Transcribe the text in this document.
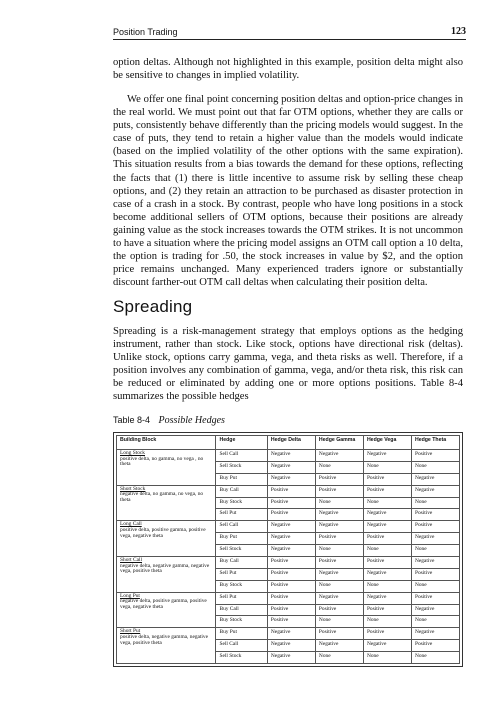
Position Trading	123

option deltas. Although not highlighted in this example, position delta might also be sensitive to changes in implied volatility.

We offer one final point concerning position deltas and option-price changes in the real world. We must point out that far OTM options, whether they are calls or puts, consistently behave differently than the pricing models would suggest. In the case of puts, they tend to retain a higher value than the models would indicate (based on the implied volatility of the other options with the same expiration). This situation results from a bias towards the demand for these options, reflecting the facts that (1) there is little incentive to assume risk by selling these cheap options, and (2) they retain an attraction to be purchased as disaster protection in case of a crash in a stock. By contrast, people who have long positions in a stock become additional sellers of OTM options, because their positions are already gaining value as the stock increases towards the OTM strikes. It is not uncommon to have a situation where the pricing model assigns an OTM call option a 10 delta, the option is trading for .50, the stock increases in value by $2, and the option price remains unchanged. Many experienced traders ignore or substantially discount farther-out OTM call deltas when calculating their position delta.

Spreading

Spreading is a risk-management strategy that employs options as the hedging instrument, rather than stock. Like stock, options have directional risk (deltas). Unlike stock, options carry gamma, vega, and theta risks as well. Therefore, if a position involves any combination of gamma, vega, and/or theta risk, this risk can be reduced or eliminated by adding one or more options positions. Table 8-4 summarizes the possible hedges

Table 8-4 Possible Hedges

Building Block	Hedge	Hedge Delta	Hedge Gamma	Hedge Vega	Hedge Theta

Long Stock
positive delta, no gamma, no vega , no theta	Sell Call	Negative	Negative	Negative	Positive
	Sell Stock	Negative	None	None	None
	Buy Put	Negative	Positive	Positive	Negative

Short Stock
negative delta, no gamma, no vega, no theta	Buy Call	Positive	Positive	Positive	Negative
	Buy Stock	Positive	None	None	None
	Sell Put	Positive	Negative	Negative	Positive

Long Call
positive delta, positive gamma, positive vega, negative theta	Sell Call	Negative	Negative	Negative	Positive
	Buy Put	Negative	Positive	Positive	Negative
	Sell Stock	Negative	None	None	None

Short Call
negative delta, negative gamma, negative vega, positive theta	Buy Call	Positive	Positive	Positive	Negative
	Sell Put	Positive	Negative	Negative	Positive
	Buy Stock	Positive	None	None	None

Long Put
negative delta, positive gamma, positive vega, negative theta	Sell Put	Positive	Negative	Negative	Positive
	Buy Call	Positive	Positive	Positive	Negative
	Buy Stock	Positive	None	None	None

Short Put
positive delta, negative gamma, negative vega, positive theta	Buy Put	Negative	Positive	Positive	Negative
	Sell Call	Negative	Negative	Negative	Positive
	Sell Stock	Negative	None	None	None
